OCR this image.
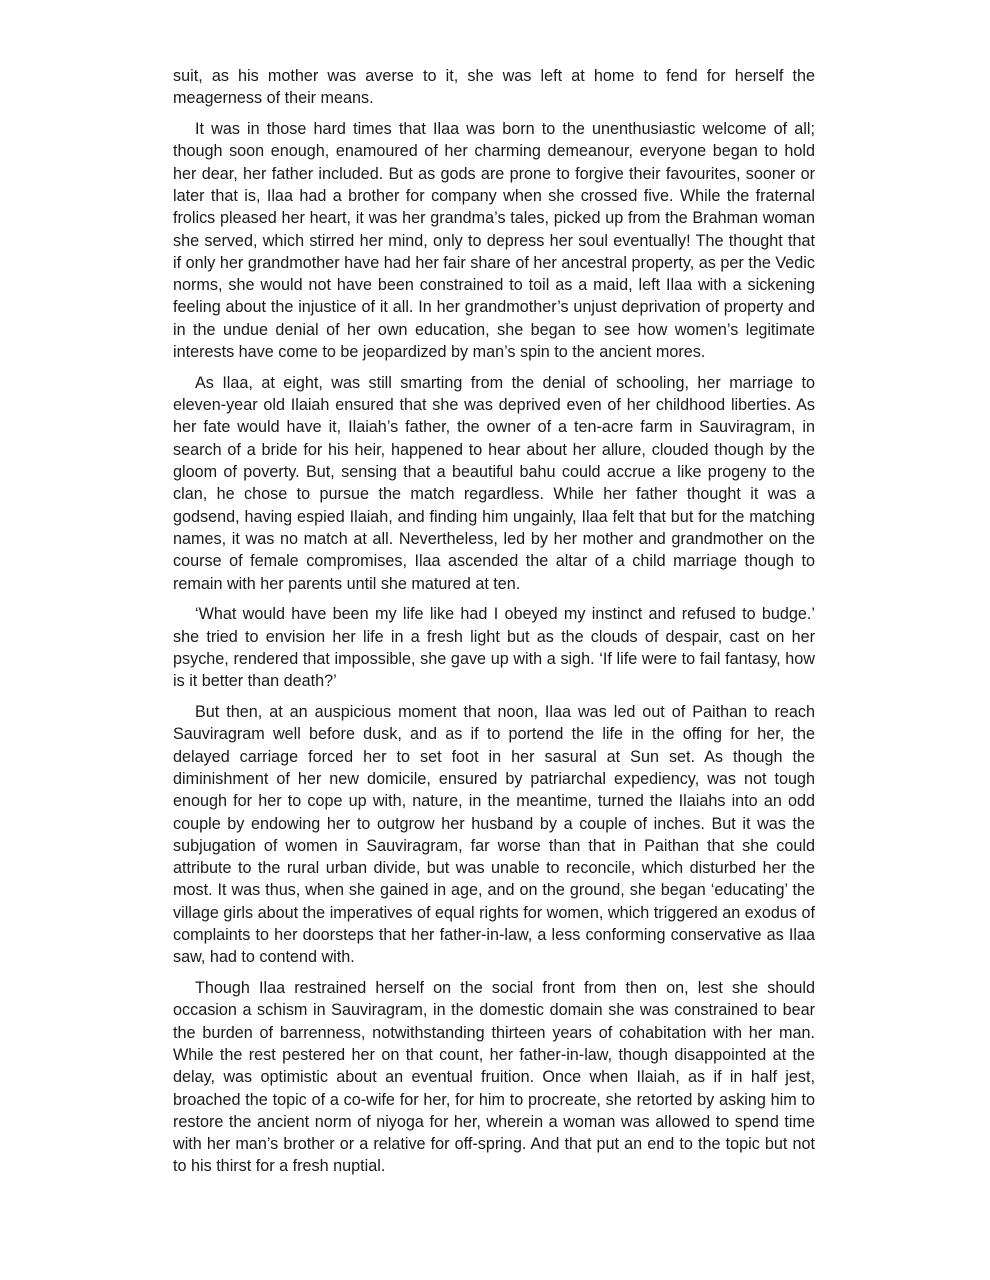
suit, as his mother was averse to it, she was left at home to fend for herself the meagerness of their means.

It was in those hard times that Ilaa was born to the unenthusiastic welcome of all; though soon enough, enamoured of her charming demeanour, everyone began to hold her dear, her father included. But as gods are prone to forgive their favourites, sooner or later that is, Ilaa had a brother for company when she crossed five. While the fraternal frolics pleased her heart, it was her grandma’s tales, picked up from the Brahman woman she served, which stirred her mind, only to depress her soul eventually! The thought that if only her grandmother have had her fair share of her ancestral property, as per the Vedic norms, she would not have been constrained to toil as a maid, left Ilaa with a sickening feeling about the injustice of it all. In her grandmother’s unjust deprivation of property and in the undue denial of her own education, she began to see how women’s legitimate interests have come to be jeopardized by man’s spin to the ancient mores.

As Ilaa, at eight, was still smarting from the denial of schooling, her marriage to eleven-year old Ilaiah ensured that she was deprived even of her childhood liberties. As her fate would have it, Ilaiah’s father, the owner of a ten-acre farm in Sauviragram, in search of a bride for his heir, happened to hear about her allure, clouded though by the gloom of poverty. But, sensing that a beautiful bahu could accrue a like progeny to the clan, he chose to pursue the match regardless. While her father thought it was a godsend, having espied Ilaiah, and finding him ungainly, Ilaa felt that but for the matching names, it was no match at all. Nevertheless, led by her mother and grandmother on the course of female compromises, Ilaa ascended the altar of a child marriage though to remain with her parents until she matured at ten.

‘What would have been my life like had I obeyed my instinct and refused to budge.’ she tried to envision her life in a fresh light but as the clouds of despair, cast on her psyche, rendered that impossible, she gave up with a sigh. ‘If life were to fail fantasy, how is it better than death?’

But then, at an auspicious moment that noon, Ilaa was led out of Paithan to reach Sauviragram well before dusk, and as if to portend the life in the offing for her, the delayed carriage forced her to set foot in her sasural at Sun set. As though the diminishment of her new domicile, ensured by patriarchal expediency, was not tough enough for her to cope up with, nature, in the meantime, turned the Ilaiahs into an odd couple by endowing her to outgrow her husband by a couple of inches. But it was the subjugation of women in Sauviragram, far worse than that in Paithan that she could attribute to the rural urban divide, but was unable to reconcile, which disturbed her the most. It was thus, when she gained in age, and on the ground, she began ‘educating’ the village girls about the imperatives of equal rights for women, which triggered an exodus of complaints to her doorsteps that her father-in-law, a less conforming conservative as Ilaa saw, had to contend with.

Though Ilaa restrained herself on the social front from then on, lest she should occasion a schism in Sauviragram, in the domestic domain she was constrained to bear the burden of barrenness, notwithstanding thirteen years of cohabitation with her man. While the rest pestered her on that count, her father-in-law, though disappointed at the delay, was optimistic about an eventual fruition. Once when Ilaiah, as if in half jest, broached the topic of a co-wife for her, for him to procreate, she retorted by asking him to restore the ancient norm of niyoga for her, wherein a woman was allowed to spend time with her man’s brother or a relative for off-spring. And that put an end to the topic but not to his thirst for a fresh nuptial.
